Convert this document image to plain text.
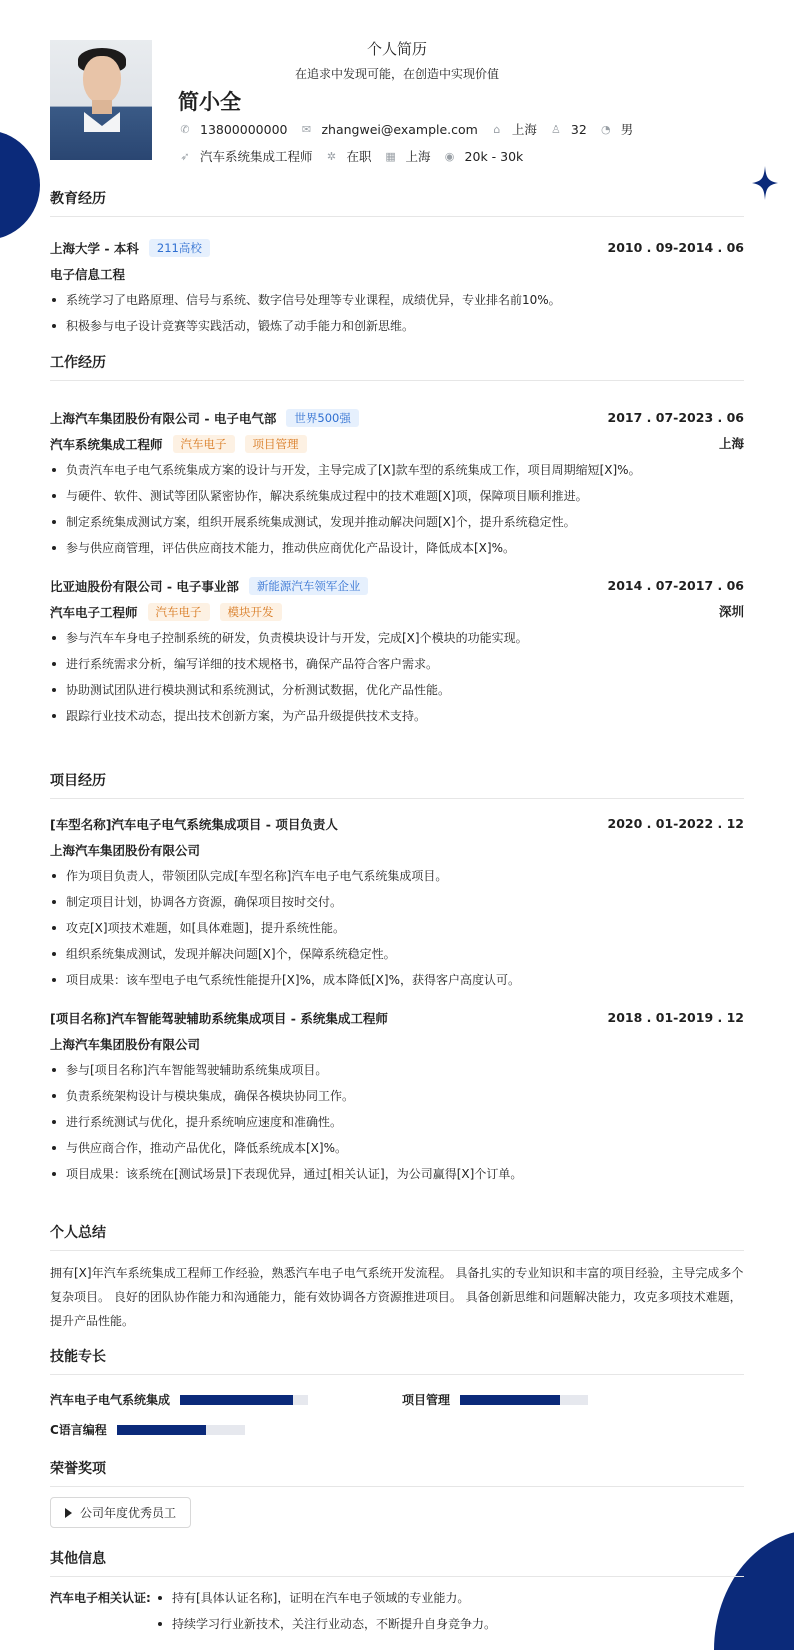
个人简历
在追求中发现可能，在创造中实现价值
简小全
✆ 13800000000 ✉ zhangwei@example.com	⌂ 上海 ♙ 32 ◔ 男
➶ 汽车系统集成工程师 ✲ 在职 ▦ 上海 ◉ 20k - 30k
教育经历
上海大学 - 本科	211高校	2010 . 09-2014 . 06
电子信息工程
系统学习了电路原理、信号与系统、数字信号处理等专业课程，成绩优异，专业排名前10%。
积极参与电子设计竞赛等实践活动，锻炼了动手能力和创新思维。
工作经历
上海汽车集团股份有限公司 - 电子电气部	世界500强	2017 . 07-2023 . 06
汽车系统集成工程师	汽车电子	项目管理	上海
负责汽车电子电气系统集成方案的设计与开发，主导完成了[X]款车型的系统集成工作，项目周期缩短[X]%。
与硬件、软件、测试等团队紧密协作，解决系统集成过程中的技术难题[X]项，保障项目顺利推进。
制定系统集成测试方案，组织开展系统集成测试，发现并推动解决问题[X]个，提升系统稳定性。
参与供应商管理，评估供应商技术能力，推动供应商优化产品设计，降低成本[X]%。
比亚迪股份有限公司 - 电子事业部	新能源汽车领军企业	2014 . 07-2017 . 06
汽车电子工程师	汽车电子	模块开发	深圳
参与汽车车身电子控制系统的研发，负责模块设计与开发，完成[X]个模块的功能实现。
进行系统需求分析，编写详细的技术规格书，确保产品符合客户需求。
协助测试团队进行模块测试和系统测试，分析测试数据，优化产品性能。
跟踪行业技术动态，提出技术创新方案，为产品升级提供技术支持。
项目经历
[车型名称]汽车电子电气系统集成项目 - 项目负责人	2020 . 01-2022 . 12
上海汽车集团股份有限公司
作为项目负责人，带领团队完成[车型名称]汽车电子电气系统集成项目。
制定项目计划，协调各方资源，确保项目按时交付。
攻克[X]项技术难题，如[具体难题]，提升系统性能。
组织系统集成测试，发现并解决问题[X]个，保障系统稳定性。
项目成果：该车型电子电气系统性能提升[X]%，成本降低[X]%，获得客户高度认可。
[项目名称]汽车智能驾驶辅助系统集成项目 - 系统集成工程师	2018 . 01-2019 . 12
上海汽车集团股份有限公司
参与[项目名称]汽车智能驾驶辅助系统集成项目。
负责系统架构设计与模块集成，确保各模块协同工作。
进行系统测试与优化，提升系统响应速度和准确性。
与供应商合作，推动产品优化，降低系统成本[X]%。
项目成果：该系统在[测试场景]下表现优异，通过[相关认证]，为公司赢得[X]个订单。
个人总结
拥有[X]年汽车系统集成工程师工作经验，熟悉汽车电子电气系统开发流程。 具备扎实的专业知识和丰富的项目经验，主导完成多个
复杂项目。 良好的团队协作能力和沟通能力，能有效协调各方资源推进项目。 具备创新思维和问题解决能力，攻克多项技术难题，
提升产品性能。
技能专长
汽车电子电气系统集成	项目管理
C语言编程
荣誉奖项
公司年度优秀员工
其他信息
汽车电子相关认证:	持有[具体认证名称]，证明在汽车电子领域的专业能力。
持续学习行业新技术，关注行业动态，不断提升自身竞争力。
